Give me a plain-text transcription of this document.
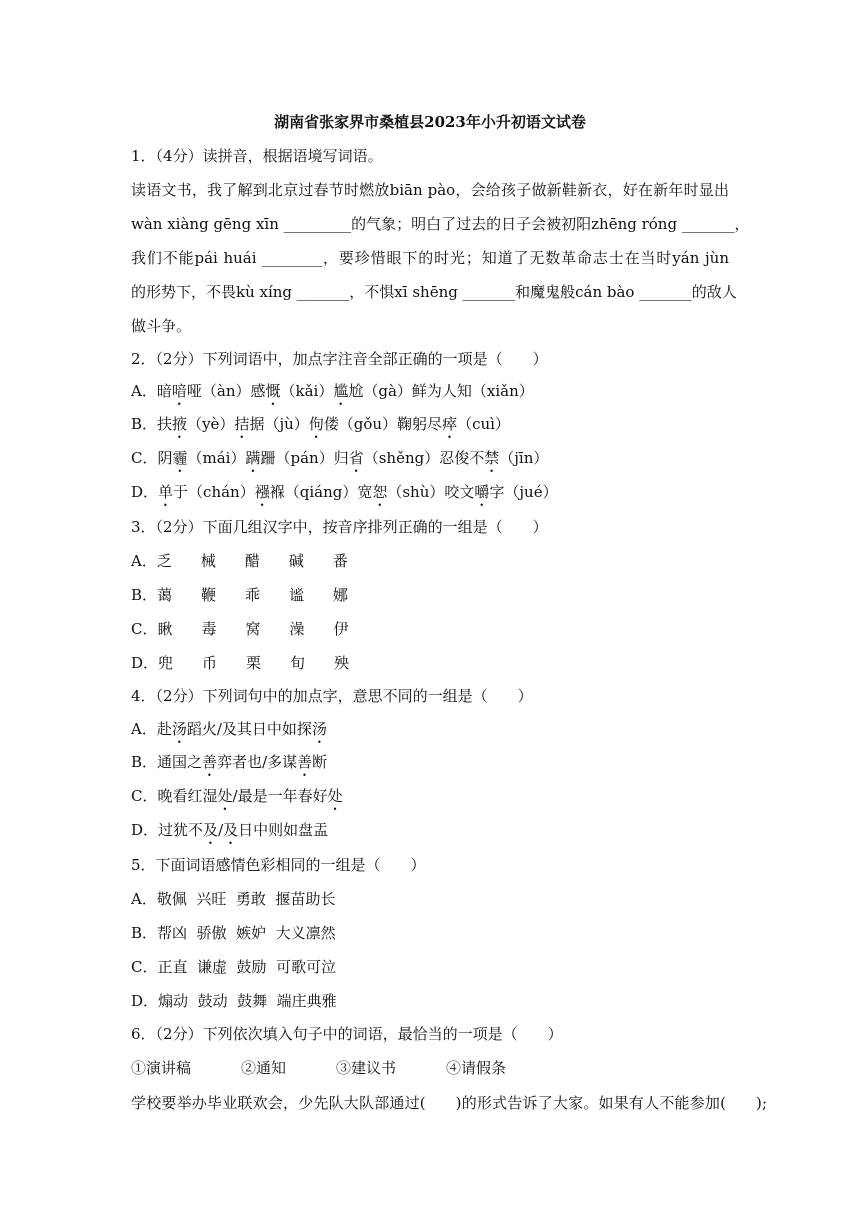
湖南省张家界市桑植县2023年小升初语文试卷
1．（4分）读拼音，根据语境写词语。
读语文书，我了解到北京过春节时燃放biān pào，会给孩子做新鞋新衣，好在新年时显出
wàn xiàng gēng xīn _________的气象；明白了过去的日子会被初阳zhēng róng _______，
我们不能pái huái ________，要珍惜眼下的时光；知道了无数革命志士在当时yán jùn
的形势下，不畏kù xíng _______，不惧xī shēng _______和魔鬼般cán bào _______的敌人
做斗争。
2．（2分）下列词语中，加点字注音全部正确的一项是（　　）
A．暗喑哑（àn）感慨（kǎi）尴尬（gà）鲜为人知（xiǎn）
B．扶掖（yè）拮据（jù）佝偻（gǒu）鞠躬尽瘁（cuì）
C．阴霾（mái）蹒跚（pán）归省（shěng）忍俊不禁（jīn）
D．单于（chán）襁褓（qiáng）宽恕（shù）咬文嚼字（jué）
3．（2分）下面几组汉字中，按音序排列正确的一组是（　　）
A．乏 械 醋 碱 番
B．蔼 鞭 乖 谧 娜
C．瞅 毒 窝 澡 伊
D．兜 币 栗 旬 殃
4．（2分）下列词句中的加点字，意思不同的一组是（　　）
A．赴汤蹈火/及其日中如探汤
B．通国之善弈者也/多谋善断
C．晚看红湿处/最是一年春好处
D．过犹不及/及日中则如盘盂
5．下面词语感情色彩相同的一组是（　　）
A．敬佩  兴旺  勇敢  揠苗助长
B．帮凶  骄傲  嫉妒  大义凛然
C．正直  谦虚  鼓励  可歌可泣
D．煽动  鼓动  鼓舞  端庄典雅
6．（2分）下列依次填入句子中的词语，最恰当的一项是（　　）
①演讲稿	②通知	③建议书	④请假条
学校要举办毕业联欢会，少先队大队部通过(      )的形式告诉了大家。如果有人不能参加(      );
